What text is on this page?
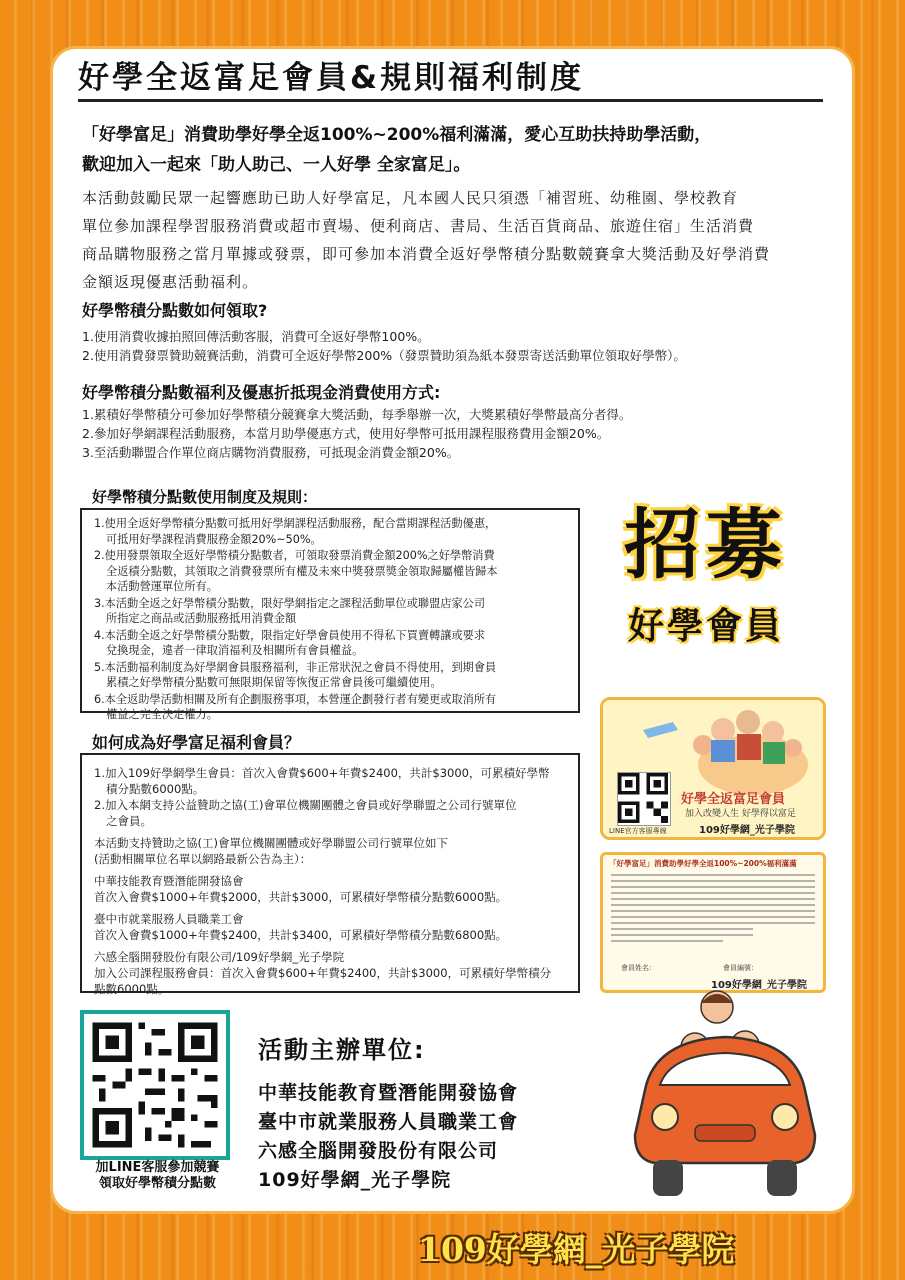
好學全返富足會員&規則福利制度
「好學富足」消費助學好學全返100%~200%福利滿滿，愛心互助扶持助學活動，
歡迎加入一起來「助人助己、一人好學 全家富足」。
本活動鼓勵民眾一起響應助已助人好學富足，凡本國人民只須憑「補習班、幼稚園、學校教育
單位參加課程學習服務消費或超市賣場、便利商店、書局、生活百貨商品、旅遊住宿」生活消費
商品購物服務之當月單據或發票，即可參加本消費全返好學幣積分點數競賽拿大獎活動及好學消費
金額返現優惠活動福利。
好學幣積分點數如何領取?
1.使用消費收據拍照回傳活動客服，消費可全返好學幣100%。
2.使用消費發票贊助競賽活動，消費可全返好學幣200%（發票贊助須為紙本發票寄送活動單位領取好學幣）。
好學幣積分點數福利及優惠折抵現金消費使用方式:
1.累積好學幣積分可參加好學幣積分競賽拿大獎活動，每季舉辦一次，大獎累積好學幣最高分者得。
2.參加好學網課程活動服務，本當月助學優惠方式，使用好學幣可抵用課程服務費用金額20%。
3.至活動聯盟合作單位商店購物消費服務，可抵現金消費金額20%。
好學幣積分點數使用制度及規則：
1.使用全返好學幣積分點數可抵用好學網課程活動服務，配合當期課程活動優惠，
可抵用好學課程消費服務金額20%~50%。
2.使用發票領取全返好學幣積分點數者，可領取發票消費金額200%之好學幣消費
全返積分點數，其領取之消費發票所有權及未來中獎發票獎金領取歸屬權皆歸本
本活動營運單位所有。
3.本活動全返之好學幣積分點數，限好學網指定之課程活動單位或聯盟店家公司
所指定之商品或活動服務抵用消費金額
4.本活動全返之好學幣積分點數，限指定好學會員使用不得私下買賣轉讓或要求
兌換現金，違者一律取消福利及相關所有會員權益。
5.本活動福利制度為好學網會員服務福利，非正常狀況之會員不得使用，到期會員
累積之好學幣積分點數可無限期保留等恢復正常會員後可繼續使用。
6.本全返助學活動相關及所有企劃服務事項，本營運企劃發行者有變更或取消所有
權益之完全決定權力。
如何成為好學富足福利會員？
1.加入109好學網學生會員：首次入會費$600+年費$2400，共計$3000，可累積好學幣
積分點數6000點。
2.加入本網支持公益贊助之協(工)會單位機關團體之會員或好學聯盟之公司行號單位
之會員。
本活動支持贊助之協(工)會單位機關團體或好學聯盟公司行號單位如下
(活動相關單位名單以網路最新公告為主）：
中華技能教育暨潛能開發協會
首次入會費$1000+年費$2000，共計$3000，可累積好學幣積分點數6000點。
臺中市就業服務人員職業工會
首次入會費$1000+年費$2400，共計$3400，可累積好學幣積分點數6800點。
六感全腦開發股份有限公司/109好學網_光子學院
加入公司課程服務會員：首次入會費$600+年費$2400，共計$3000，可累積好學幣積分
點數6000點。
招募
好學會員
LINE官方客服專線
好學全返富足會員
加入改變人生 好學得以富足
109好學網_光子學院
「好學富足」消費助學好學全返100%~200%福利滿滿
會員姓名：	會員編號：
109好學網_光子學院
加LINE客服參加競賽
領取好學幣積分點數
活動主辦單位:
中華技能教育暨潛能開發協會
臺中市就業服務人員職業工會
六感全腦開發股份有限公司
109好學網_光子學院
109好學網_光子學院
